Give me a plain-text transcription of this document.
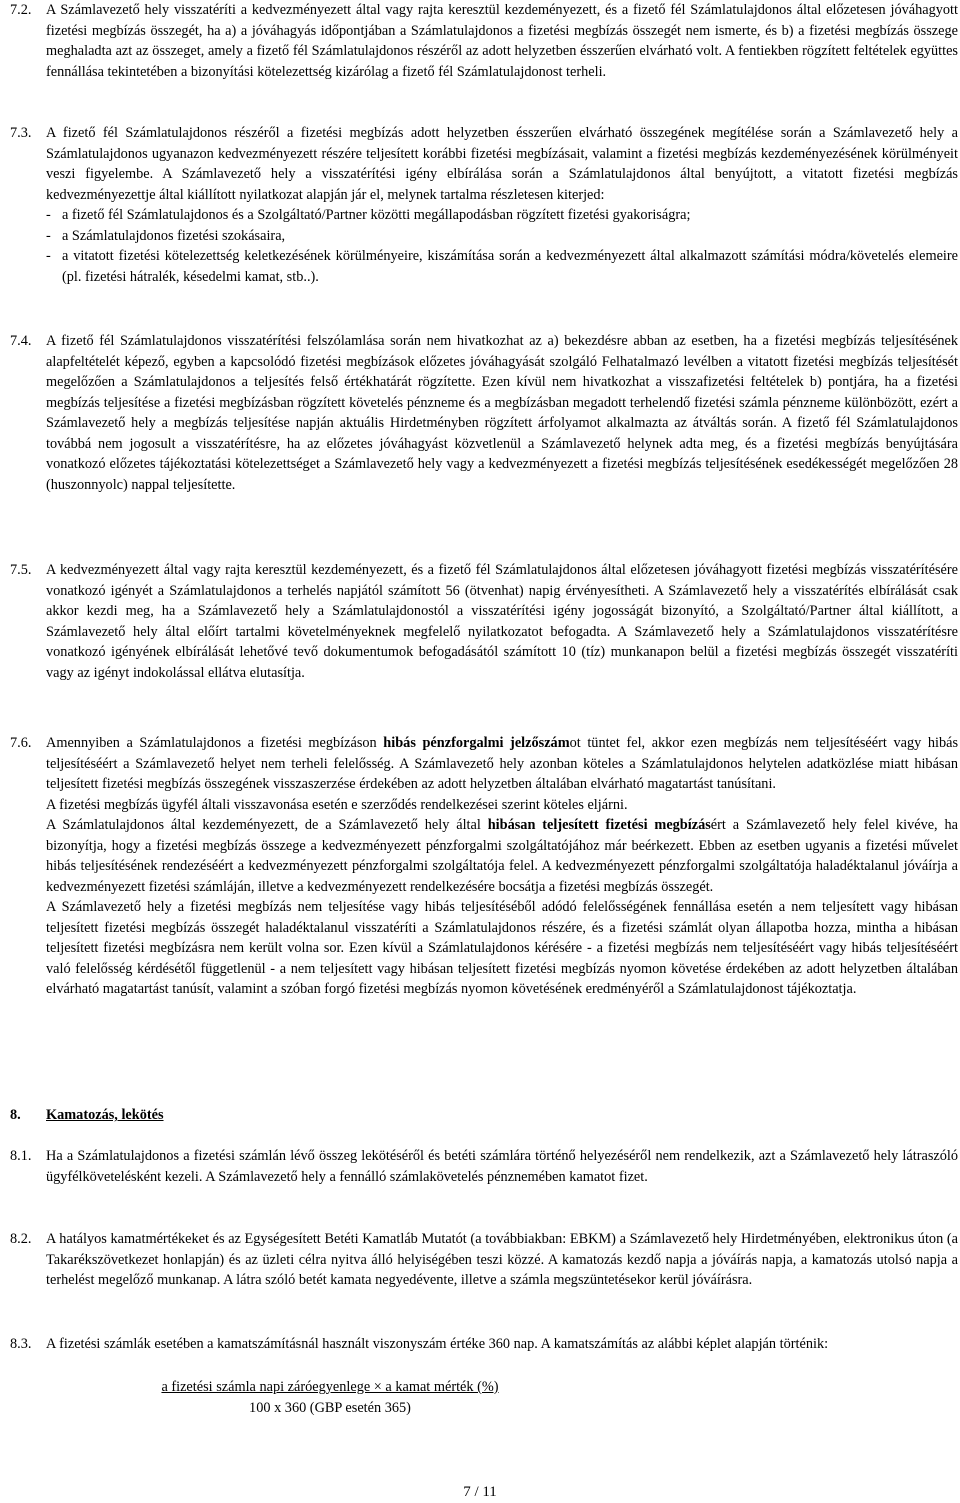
7.2.	A Számlavezető hely visszatéríti a kedvezményezett által vagy rajta keresztül kezdeményezett, és a fizető fél Számlatulajdonos által előzetesen jóváhagyott fizetési megbízás összegét, ha a) a jóváhagyás időpontjában a Számlatulajdonos a fizetési megbízás összegét nem ismerte, és b) a fizetési megbízás összege meghaladta azt az összeget, amely a fizető fél Számlatulajdonos részéről az adott helyzetben ésszerűen elvárható volt. A fentiekben rögzített feltételek együttes fennállása tekintetében a bizonyítási kötelezettség kizárólag a fizető fél Számlatulajdonost terheli.

7.3.	A fizető fél Számlatulajdonos részéről a fizetési megbízás adott helyzetben ésszerűen elvárható összegének megítélése során a Számlavezető hely a Számlatulajdonos ugyanazon kedvezményezett részére teljesített korábbi fizetési megbízásait, valamint a fizetési megbízás kezdeményezésének körülményeit veszi figyelembe. A Számlavezető hely a visszatérítési igény elbírálása során a Számlatulajdonos által benyújtott, a vitatott fizetési megbízás kedvezményezettje által kiállított nyilatkozat alapján jár el, melynek tartalma részletesen kiterjed:

- a fizető fél Számlatulajdonos és a Szolgáltató/Partner közötti megállapodásban rögzített fizetési gyakoriságra;
- a Számlatulajdonos fizetési szokásaira,
- a vitatott fizetési kötelezettség keletkezésének körülményeire, kiszámítása során a kedvezményezett által alkalmazott számítási módra/követelés elemeire (pl. fizetési hátralék, késedelmi kamat, stb..).
7.4.	A fizető fél Számlatulajdonos visszatérítési felszólamlása során nem hivatkozhat az a) bekezdésre abban az esetben, ha a fizetési megbízás teljesítésének alapfeltételét képező, egyben a kapcsolódó fizetési megbízások előzetes jóváhagyását szolgáló Felhatalmazó levélben a vitatott fizetési megbízás teljesítését megelőzően a Számlatulajdonos a teljesítés felső értékhatárát rögzítette. Ezen kívül nem hivatkozhat a visszafizetési feltételek b) pontjára, ha a fizetési megbízás teljesítése a fizetési megbízásban rögzített követelés pénzneme és a megbízásban megadott terhelendő fizetési számla pénzneme különbözött, ezért a Számlavezető hely a megbízás teljesítése napján aktuális Hirdetményben rögzített árfolyamot alkalmazta az átváltás során. A fizető fél Számlatulajdonos továbbá nem jogosult a visszatérítésre, ha az előzetes jóváhagyást közvetlenül a Számlavezető helynek adta meg, és a fizetési megbízás benyújtására vonatkozó előzetes tájékoztatási kötelezettséget a Számlavezető hely vagy a kedvezményezett a fizetési megbízás teljesítésének esedékességét megelőzően 28 (huszonnyolc) nappal teljesítette.

7.5.	A kedvezményezett által vagy rajta keresztül kezdeményezett, és a fizető fél Számlatulajdonos által előzetesen jóváhagyott fizetési megbízás visszatérítésére vonatkozó igényét a Számlatulajdonos a terhelés napjától számított 56 (ötvenhat) napig érvényesítheti. A Számlavezető hely a visszatérítés elbírálását csak akkor kezdi meg, ha a Számlavezető hely a Számlatulajdonostól a visszatérítési igény jogosságát bizonyító, a Szolgáltató/Partner által kiállított, a Számlavezető hely által előírt tartalmi követelményeknek megfelelő nyilatkozatot befogadta. A Számlavezető hely a Számlatulajdonos visszatérítésre vonatkozó igényének elbírálását lehetővé tevő dokumentumok befogadásától számított 10 (tíz) munkanapon belül a fizetési megbízás összegét visszatéríti vagy az igényt indokolással ellátva elutasítja.

7.6.	Amennyiben a Számlatulajdonos a fizetési megbízáson hibás pénzforgalmi jelzőszámot tüntet fel, akkor ezen megbízás nem teljesítéséért vagy hibás teljesítéséért a Számlavezető helyet nem terheli felelősség. A Számlavezető hely azonban köteles a Számlatulajdonos helytelen adatközlése miatt hibásan teljesített fizetési megbízás összegének visszaszerzése érdekében az adott helyzetben általában elvárható magatartást tanúsítani.

A fizetési megbízás ügyfél általi visszavonása esetén e szerződés rendelkezései szerint köteles eljárni.

A Számlatulajdonos által kezdeményezett, de a Számlavezető hely által hibásan teljesített fizetési megbízásért a Számlavezető hely felel kivéve, ha bizonyítja, hogy a fizetési megbízás összege a kedvezményezett pénzforgalmi szolgáltatójához már beérkezett. Ebben az esetben ugyanis a fizetési művelet hibás teljesítésének rendezéséért a kedvezményezett pénzforgalmi szolgáltatója felel. A kedvezményezett pénzforgalmi szolgáltatója haladéktalanul jóváírja a kedvezményezett fizetési számláján, illetve a kedvezményezett rendelkezésére bocsátja a fizetési megbízás összegét.

A Számlavezető hely a fizetési megbízás nem teljesítése vagy hibás teljesítéséből adódó felelősségének fennállása esetén a nem teljesített vagy hibásan teljesített fizetési megbízás összegét haladéktalanul visszatéríti a Számlatulajdonos részére, és a fizetési számlát olyan állapotba hozza, mintha a hibásan teljesített fizetési megbízásra nem került volna sor. Ezen kívül a Számlatulajdonos kérésére - a fizetési megbízás nem teljesítéséért vagy hibás teljesítéséért való felelősség kérdésétől függetlenül - a nem teljesített vagy hibásan teljesített fizetési megbízás nyomon követése érdekében az adott helyzetben általában elvárható magatartást tanúsít, valamint a szóban forgó fizetési megbízás nyomon követésének eredményéről a Számlatulajdonost tájékoztatja.

8.	Kamatozás, lekötés
8.1.	Ha a Számlatulajdonos a fizetési számlán lévő összeg lekötéséről és betéti számlára történő helyezéséről nem rendelkezik, azt a Számlavezető hely látraszóló ügyfélkövetelésként kezeli. A Számlavezető hely a fennálló számlakövetelés pénznemében kamatot fizet.

8.2.	A hatályos kamatmértékeket és az Egységesített Betéti Kamatláb Mutatót (a továbbiakban: EBKM) a Számlavezető hely Hirdetményében, elektronikus úton (a Takarékszövetkezet honlapján) és az üzleti célra nyitva álló helyiségében teszi közzé. A kamatozás kezdő napja a jóváírás napja, a kamatozás utolsó napja a terhelést megelőző munkanap. A látra szóló betét kamata negyedévente, illetve a számla megszüntetésekor kerül jóváírásra.

8.3.	A fizetési számlák esetében a kamatszámításnál használt viszonyszám értéke 360 nap. A kamatszámítás az alábbi képlet alapján történik:

a fizetési számla napi záróegyenlege × a kamat mérték (%)
100 x 360 (GBP esetén 365)
7 / 11
